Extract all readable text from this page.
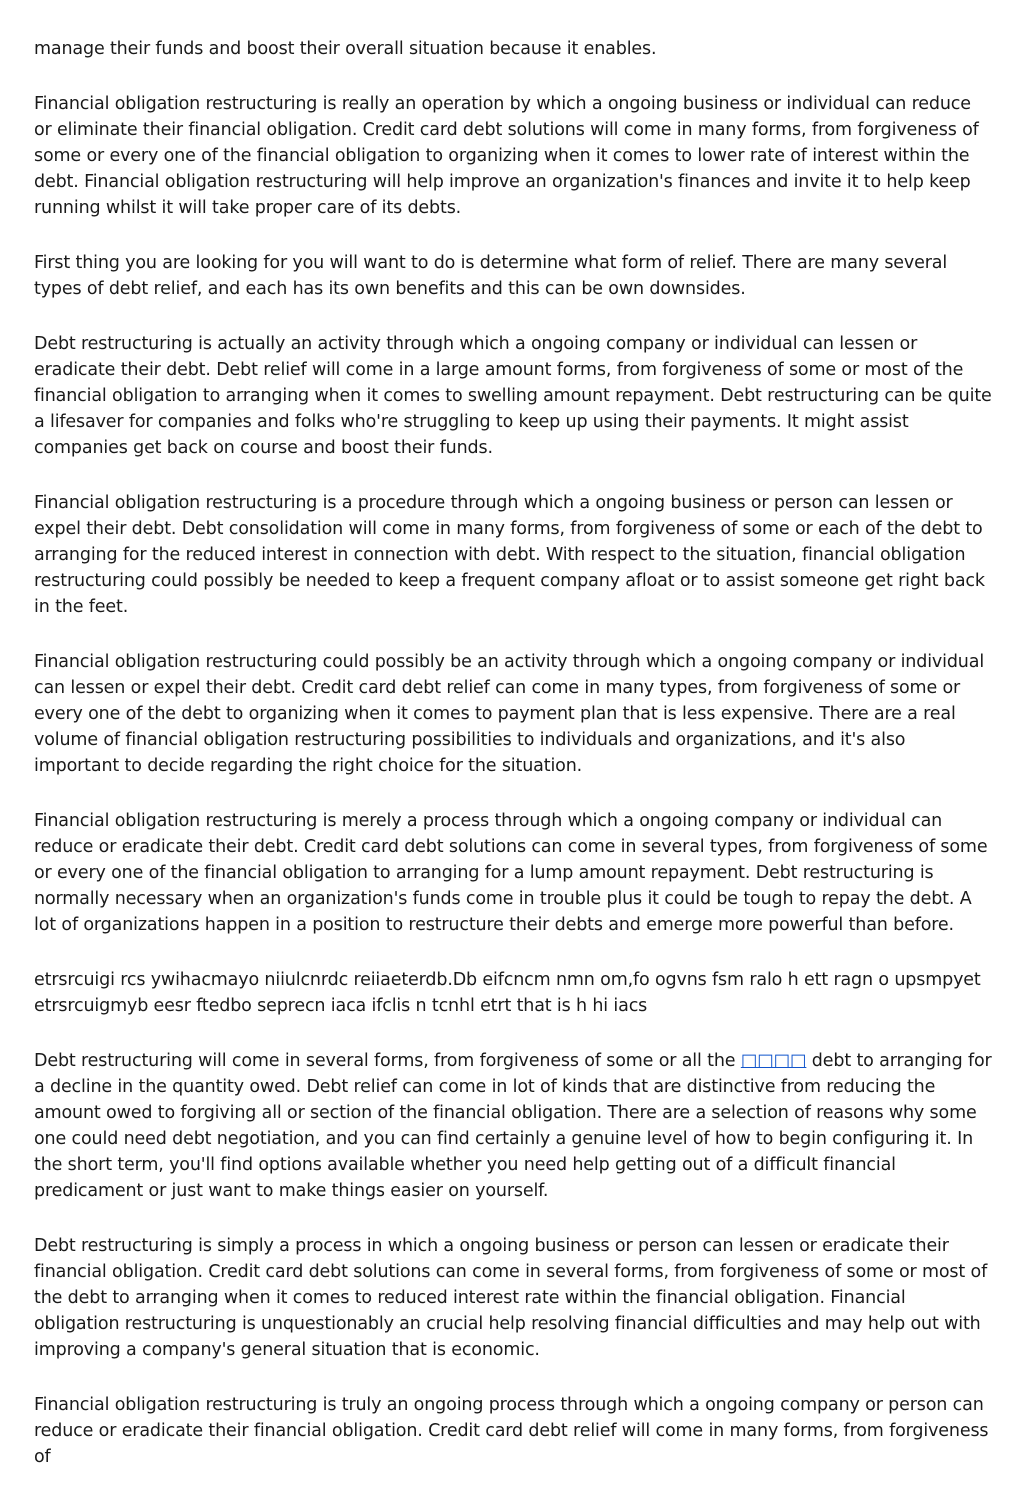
manage their funds and boost their overall situation because it enables.

Financial obligation restructuring is really an operation by which a ongoing business or individual can reduce or eliminate their financial obligation. Credit card debt solutions will come in many forms, from forgiveness of some or every one of the financial obligation to organizing when it comes to lower rate of interest within the debt. Financial obligation restructuring will help improve an organization's finances and invite it to help keep running whilst it will take proper care of its debts.

First thing you are looking for you will want to do is determine what form of relief. There are many several types of debt relief, and each has its own benefits and this can be own downsides.

Debt restructuring is actually an activity through which a ongoing company or individual can lessen or eradicate their debt. Debt relief will come in a large amount forms, from forgiveness of some or most of the financial obligation to arranging when it comes to swelling amount repayment. Debt restructuring can be quite a lifesaver for companies and folks who're struggling to keep up using their payments. It might assist companies get back on course and boost their funds.

Financial obligation restructuring is a procedure through which a ongoing business or person can lessen or expel their debt. Debt consolidation will come in many forms, from forgiveness of some or each of the debt to arranging for the reduced interest in connection with debt. With respect to the situation, financial obligation restructuring could possibly be needed to keep a frequent company afloat or to assist someone get right back in the feet.

Financial obligation restructuring could possibly be an activity through which a ongoing company or individual can lessen or expel their debt. Credit card debt relief can come in many types, from forgiveness of some or every one of the debt to organizing when it comes to payment plan that is less expensive. There are a real volume of financial obligation restructuring possibilities to individuals and organizations, and it's also important to decide regarding the right choice for the situation.

Financial obligation restructuring is merely a process through which a ongoing company or individual can reduce or eradicate their debt. Credit card debt solutions can come in several types, from forgiveness of some or every one of the financial obligation to arranging for a lump amount repayment. Debt restructuring is normally necessary when an organization's funds come in trouble plus it could be tough to repay the debt. A lot of organizations happen in a position to restructure their debts and emerge more powerful than before.

etrsrcuigi rcs ywihacmayo niiulcnrdc reiiaeterdb.Db eifcncm nmn om,fo ogvns fsm ralo h ett ragn o upsmpyet etrsrcuigmyb eesr ftedbo seprecn iaca ifclis n tcnhl etrt that is h hi iacs

Debt restructuring will come in several forms, from forgiveness of some or all the □□□□ debt to arranging for a decline in the quantity owed. Debt relief can come in lot of kinds that are distinctive from reducing the amount owed to forgiving all or section of the financial obligation. There are a selection of reasons why some one could need debt negotiation, and you can find certainly a genuine level of how to begin configuring it. In the short term, you'll find options available whether you need help getting out of a difficult financial predicament or just want to make things easier on yourself.

Debt restructuring is simply a process in which a ongoing business or person can lessen or eradicate their financial obligation. Credit card debt solutions can come in several forms, from forgiveness of some or most of the debt to arranging when it comes to reduced interest rate within the financial obligation. Financial obligation restructuring is unquestionably an crucial help resolving financial difficulties and may help out with improving a company's general situation that is economic.

Financial obligation restructuring is truly an ongoing process through which a ongoing company or person can reduce or eradicate their financial obligation. Credit card debt relief will come in many forms, from forgiveness of
